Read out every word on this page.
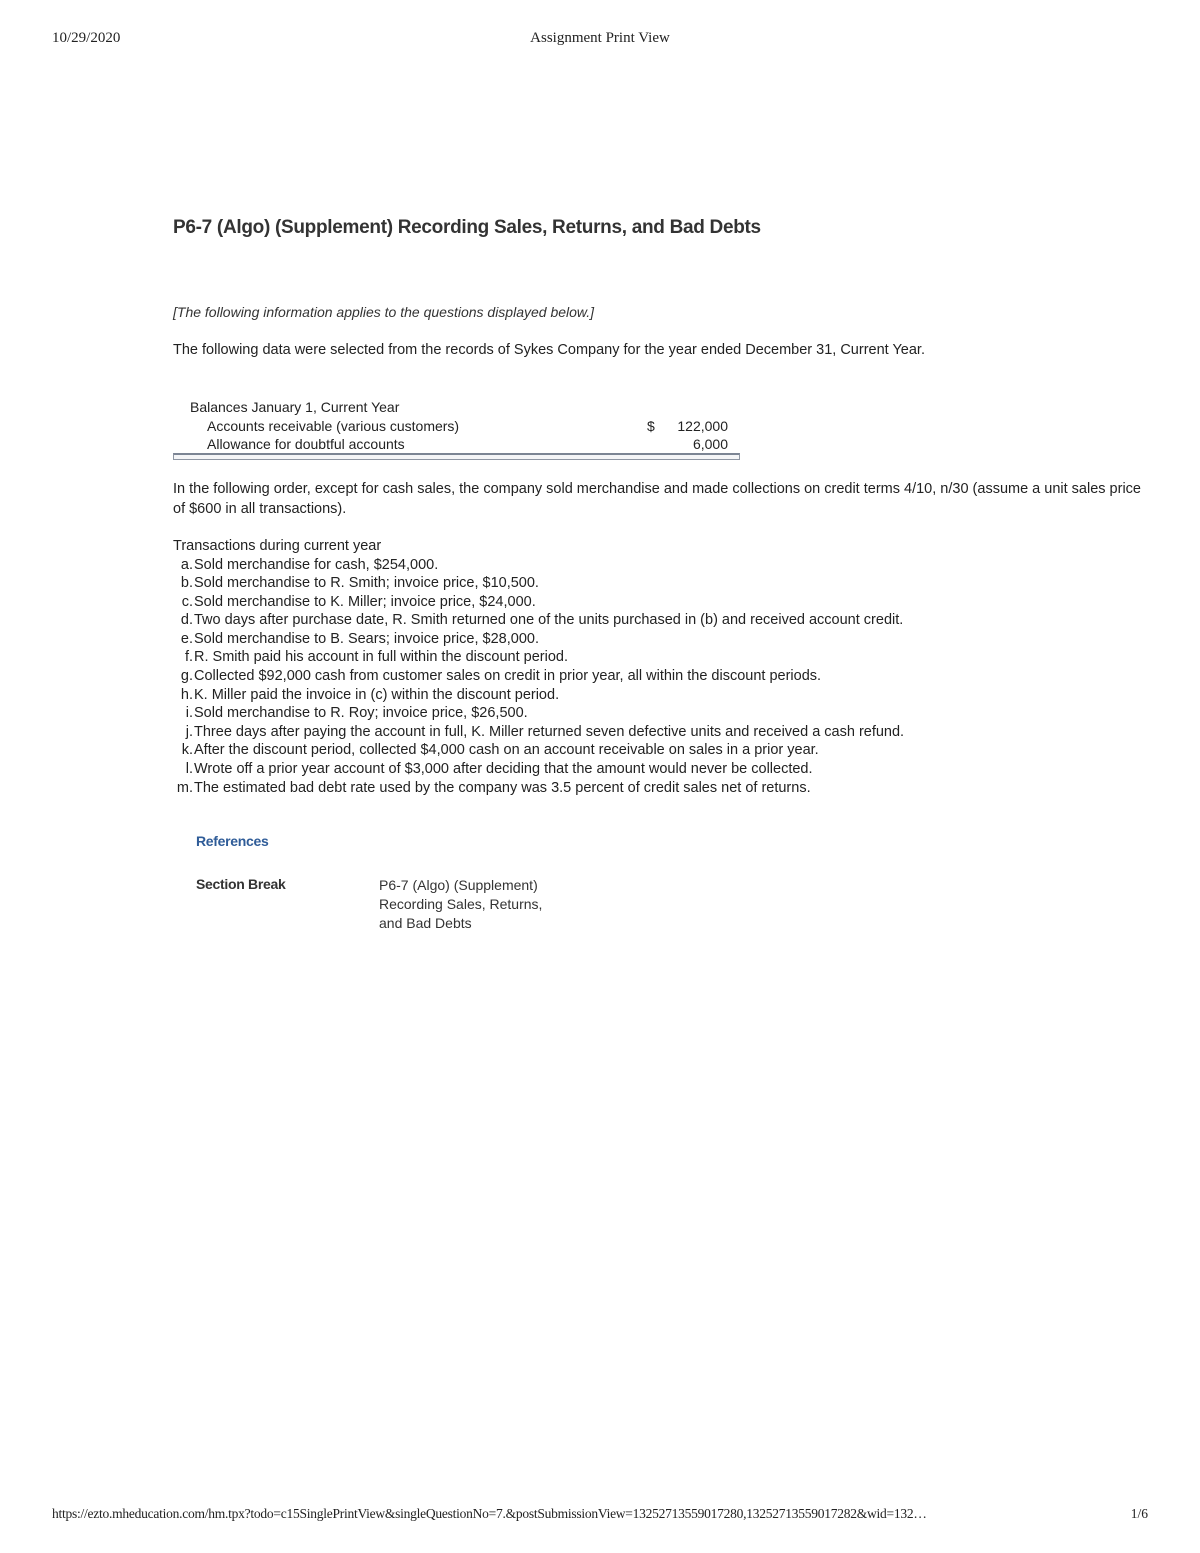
10/29/2020	Assignment Print View
P6-7 (Algo) (Supplement) Recording Sales, Returns, and Bad Debts

[The following information applies to the questions displayed below.]

The following data were selected from the records of Sykes Company for the year ended December 31, Current Year.

Balances January 1, Current Year
Accounts receivable (various customers)	$ 122,000
Allowance for doubtful accounts	6,000

In the following order, except for cash sales, the company sold merchandise and made collections on credit terms 4/10, n/30 (assume a unit sales price of $600 in all transactions).

Transactions during current year
a. Sold merchandise for cash, $254,000.
b. Sold merchandise to R. Smith; invoice price, $10,500.
c. Sold merchandise to K. Miller; invoice price, $24,000.
d. Two days after purchase date, R. Smith returned one of the units purchased in (b) and received account credit.
e. Sold merchandise to B. Sears; invoice price, $28,000.
f. R. Smith paid his account in full within the discount period.
g. Collected $92,000 cash from customer sales on credit in prior year, all within the discount periods.
h. K. Miller paid the invoice in (c) within the discount period.
i. Sold merchandise to R. Roy; invoice price, $26,500.
j. Three days after paying the account in full, K. Miller returned seven defective units and received a cash refund.
k. After the discount period, collected $4,000 cash on an account receivable on sales in a prior year.
l. Wrote off a prior year account of $3,000 after deciding that the amount would never be collected.
m. The estimated bad debt rate used by the company was 3.5 percent of credit sales net of returns.
References
Section Break	P6-7 (Algo) (Supplement)
Recording Sales, Returns,
and Bad Debts
https://ezto.mheducation.com/hm.tpx?todo=c15SinglePrintView&singleQuestionNo=7.&postSubmissionView=13252713559017280,13252713559017282&wid=132…	1/6
